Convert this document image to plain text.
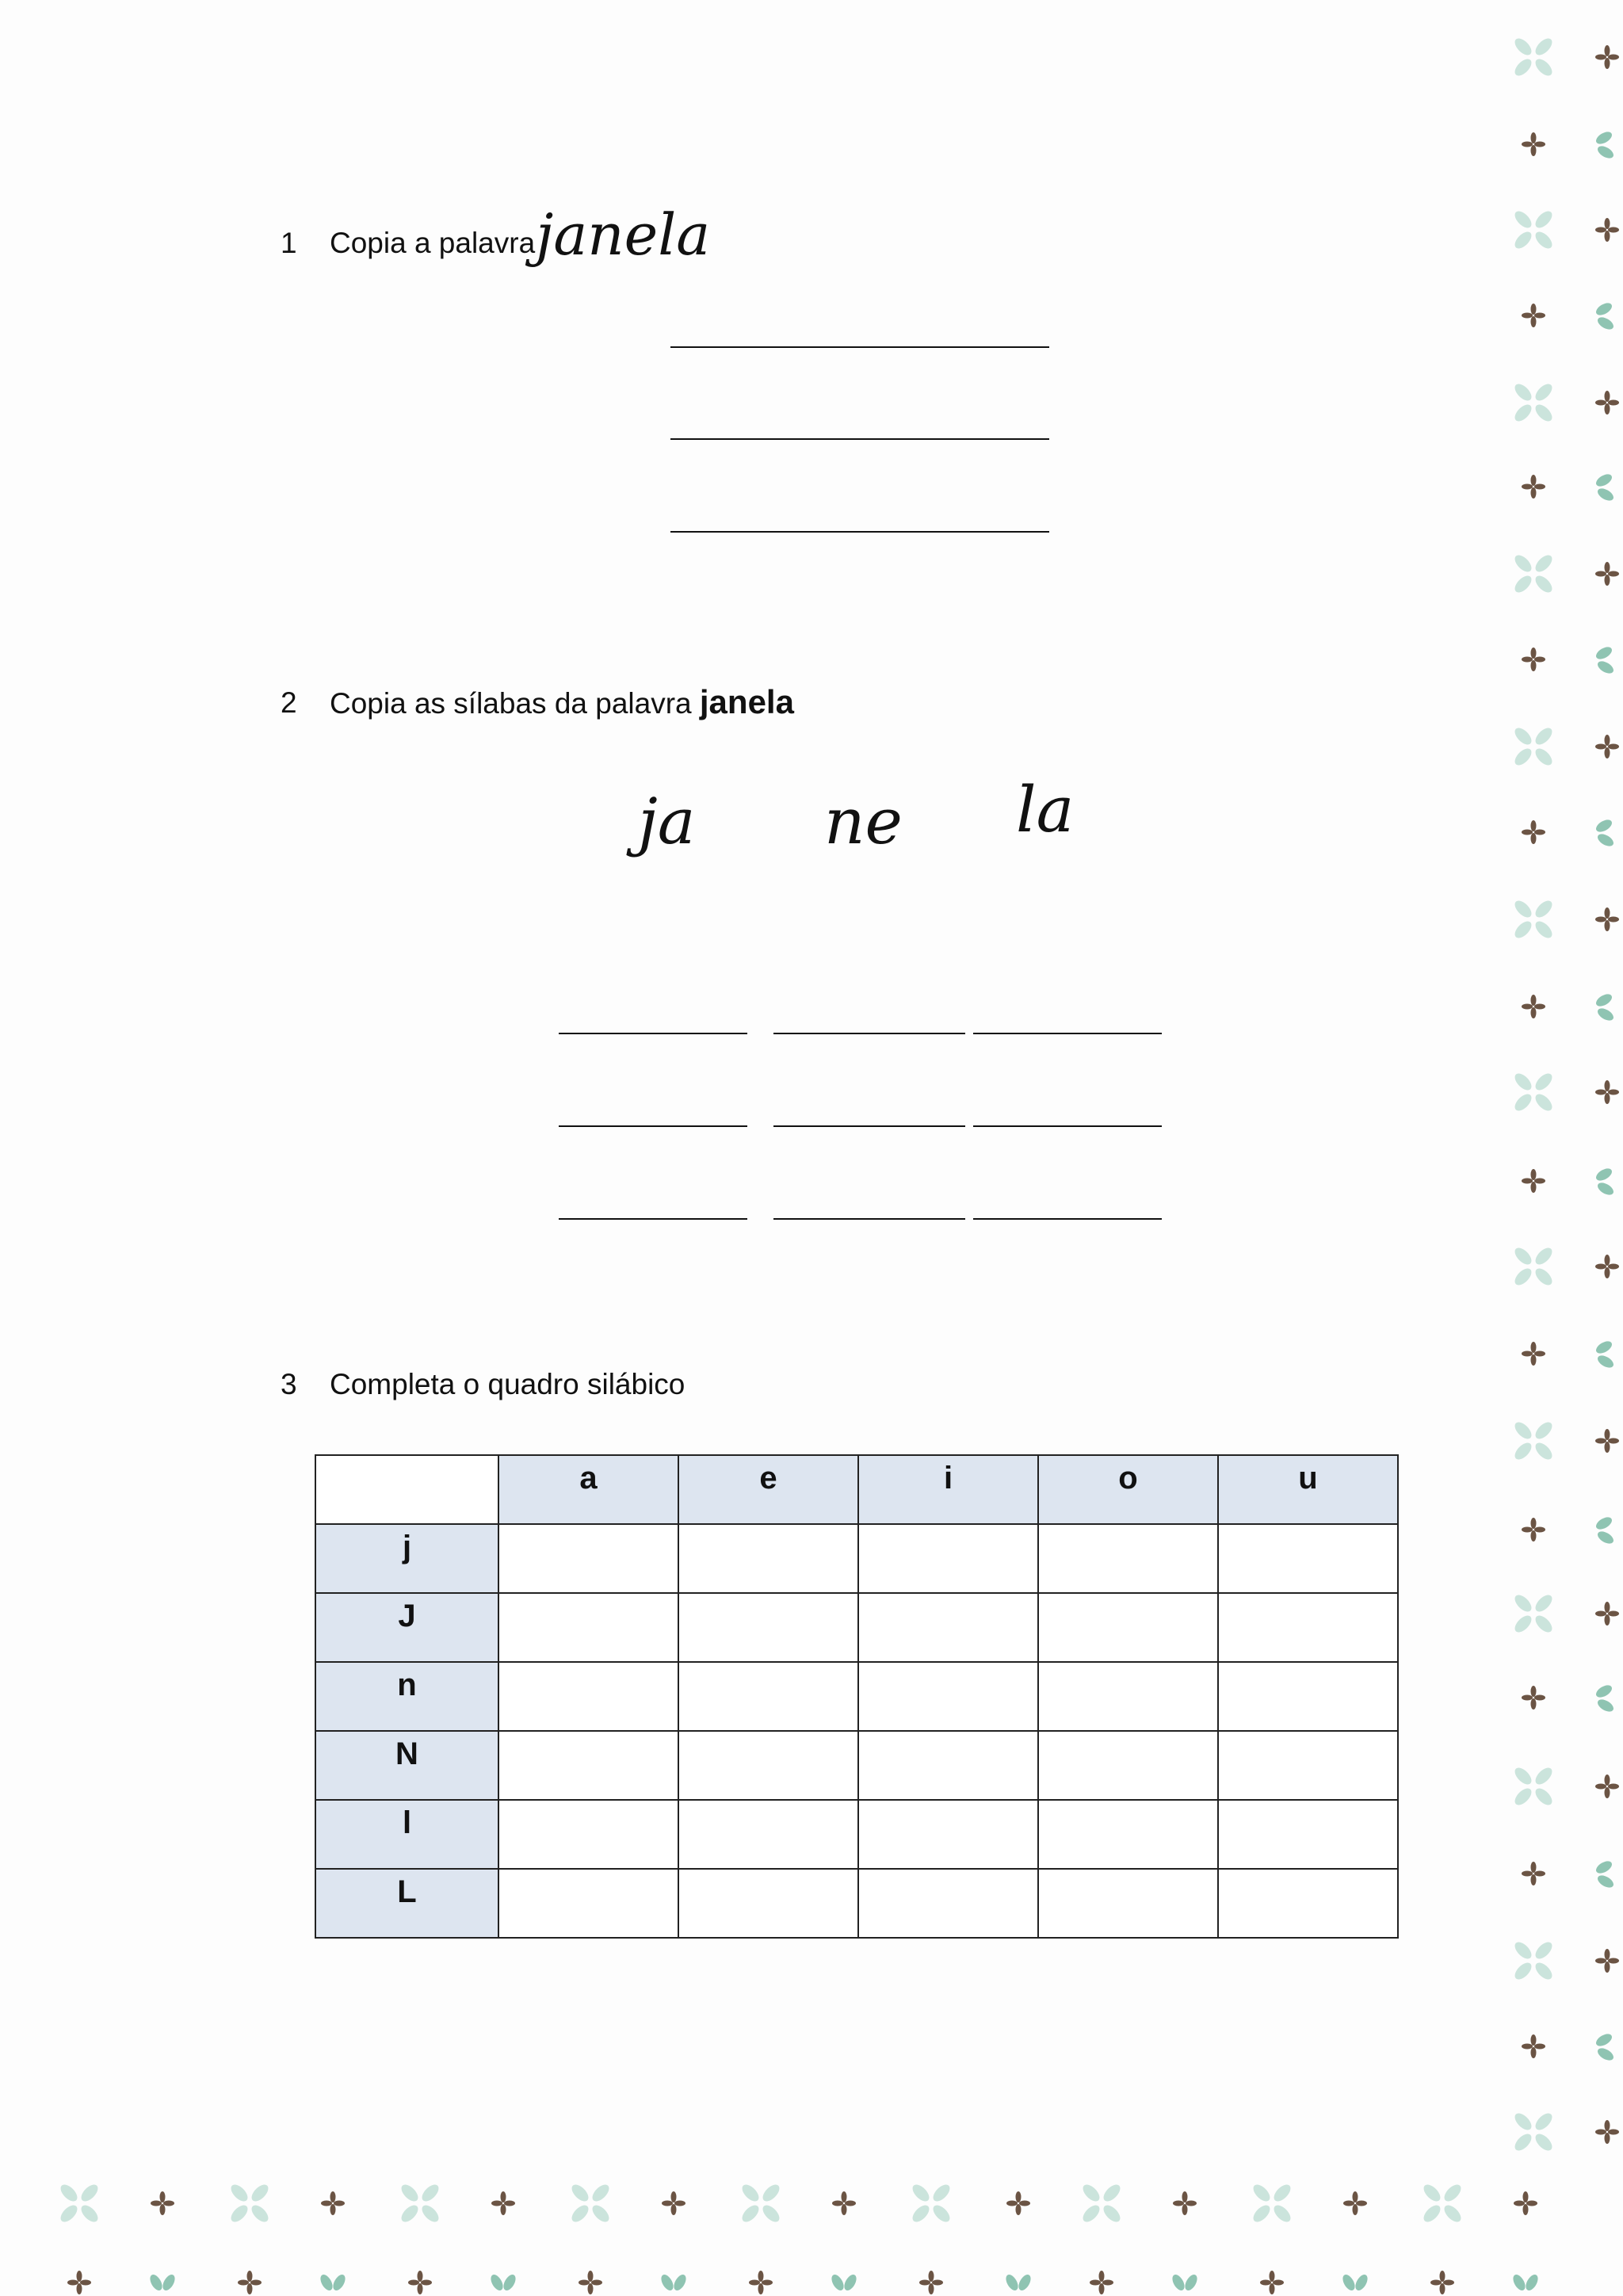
1 Copia a palavra janela
2 Copia as sílabas da palavra janela
ja ne la
3 Completa o quadro silábico
	a	e	i	o	u
j					
J					
n					
N					
l					
L					
